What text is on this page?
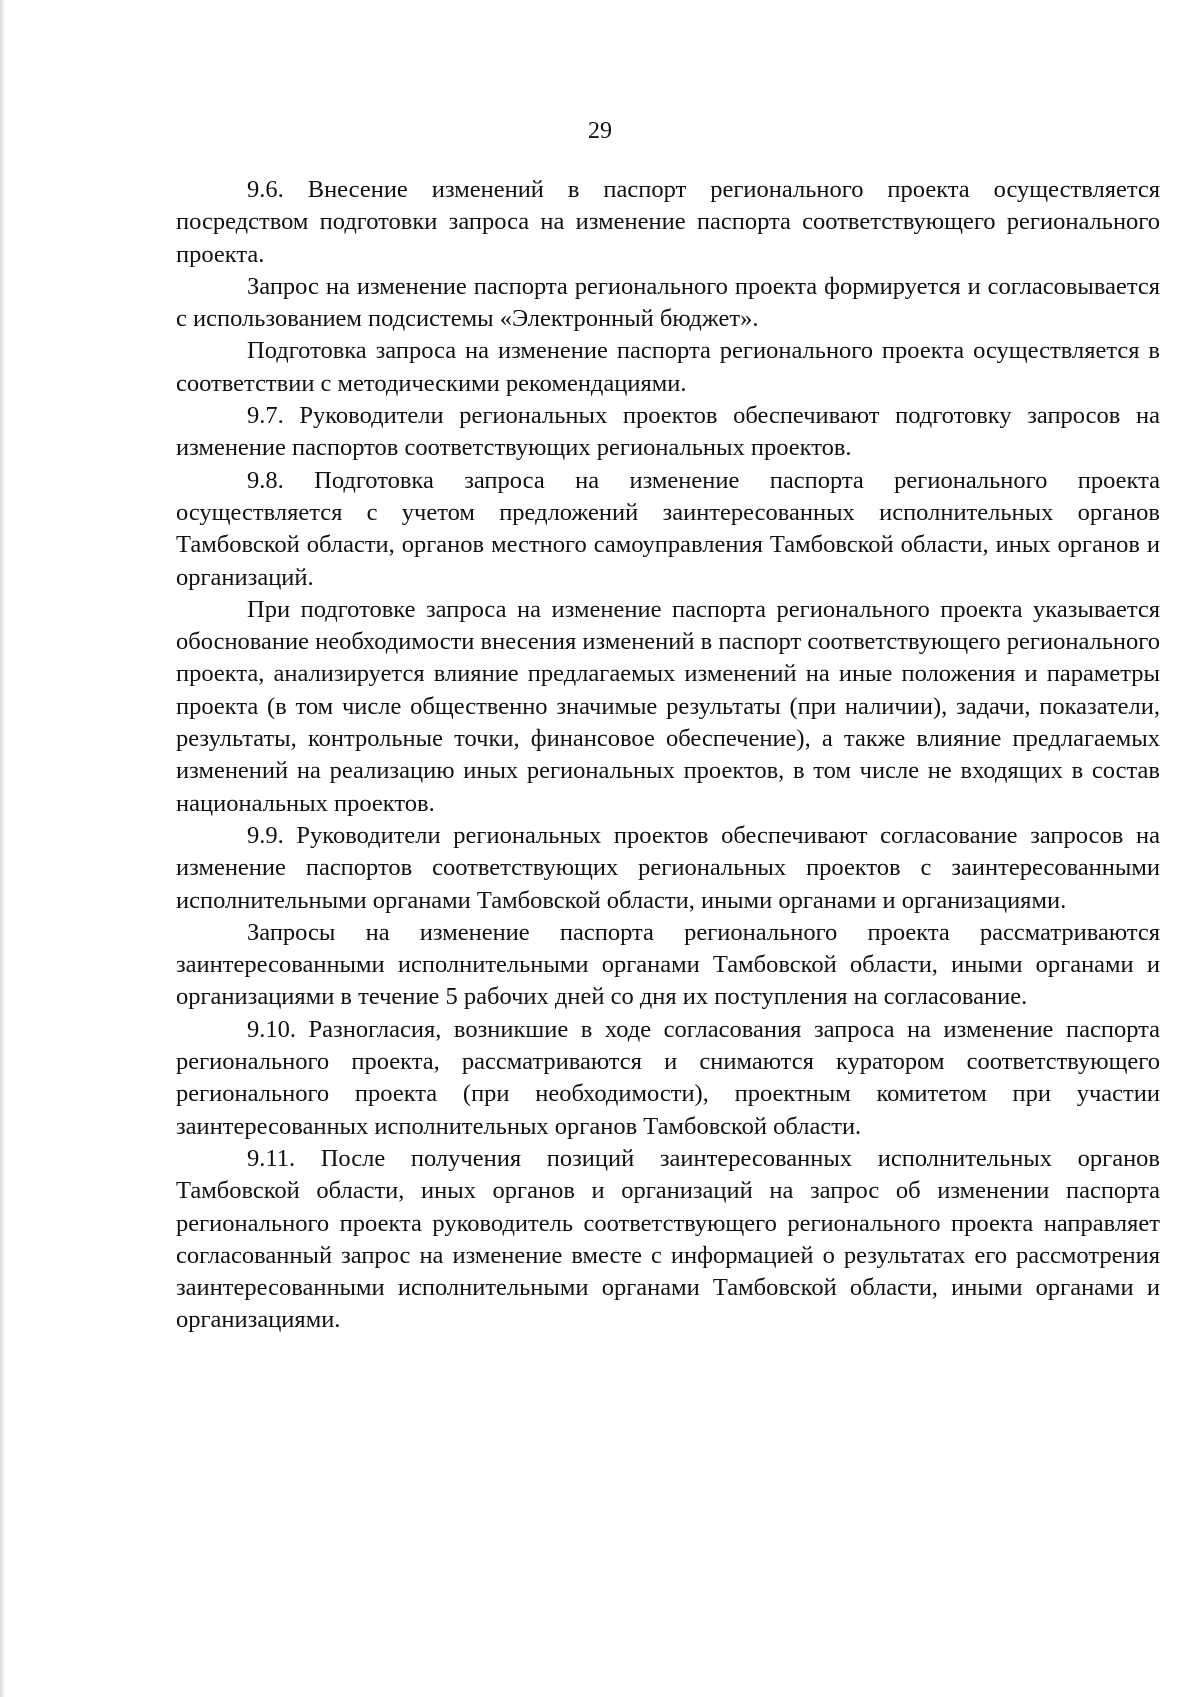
29

9.6. Внесение изменений в паспорт регионального проекта осуществляется посредством подготовки запроса на изменение паспорта соответствующего регионального проекта.

Запрос на изменение паспорта регионального проекта формируется и согласовывается с использованием подсистемы «Электронный бюджет».

Подготовка запроса на изменение паспорта регионального проекта осуществляется в соответствии с методическими рекомендациями.

9.7. Руководители региональных проектов обеспечивают подготовку запросов на изменение паспортов соответствующих региональных проектов.

9.8. Подготовка запроса на изменение паспорта регионального проекта осуществляется с учетом предложений заинтересованных исполнительных органов Тамбовской области, органов местного самоуправления Тамбовской области, иных органов и организаций.

При подготовке запроса на изменение паспорта регионального проекта указывается обоснование необходимости внесения изменений в паспорт соответствующего регионального проекта, анализируется влияние предлагаемых изменений на иные положения и параметры проекта (в том числе общественно значимые результаты (при наличии), задачи, показатели, результаты, контрольные точки, финансовое обеспечение), а также влияние предлагаемых изменений на реализацию иных региональных проектов, в том числе не входящих в состав национальных проектов.

9.9. Руководители региональных проектов обеспечивают согласование запросов на изменение паспортов соответствующих региональных проектов с заинтересованными исполнительными органами Тамбовской области, иными органами и организациями.

Запросы на изменение паспорта регионального проекта рассматриваются заинтересованными исполнительными органами Тамбовской области, иными органами и организациями в течение 5 рабочих дней со дня их поступления на согласование.

9.10. Разногласия, возникшие в ходе согласования запроса на изменение паспорта регионального проекта, рассматриваются и снимаются куратором соответствующего регионального проекта (при необходимости), проектным комитетом при участии заинтересованных исполнительных органов Тамбовской области.

9.11. После получения позиций заинтересованных исполнительных органов Тамбовской области, иных органов и организаций на запрос об изменении паспорта регионального проекта руководитель соответствующего регионального проекта направляет согласованный запрос на изменение вместе с информацией о результатах его рассмотрения заинтересованными исполнительными органами Тамбовской области, иными органами и организациями.
